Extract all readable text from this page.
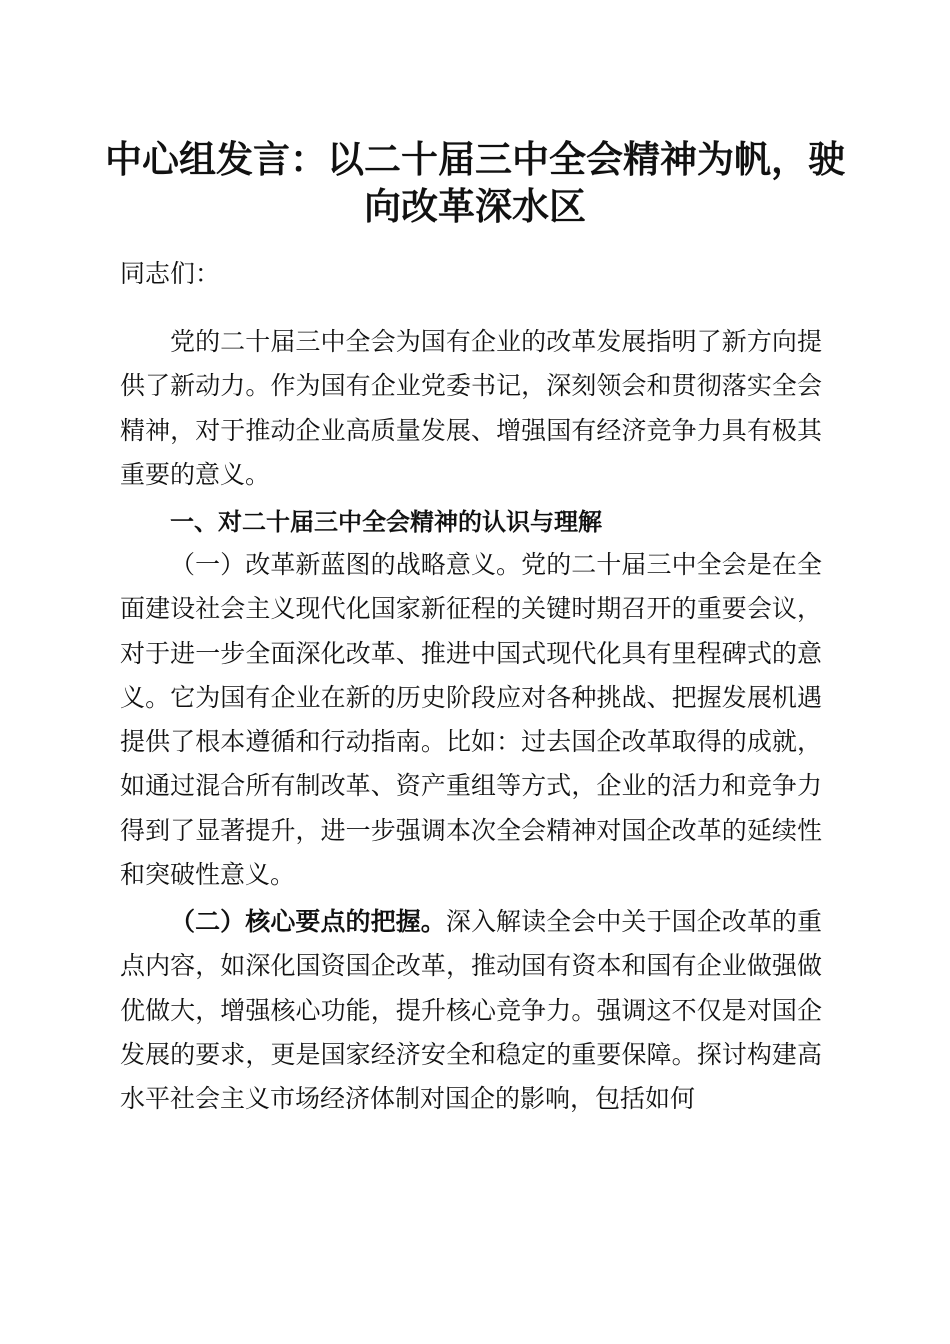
中心组发言：以二十届三中全会精神为帆，驶
向改革深水区

同志们：

党的二十届三中全会为国有企业的改革发展指明了新方向提供了新动力。作为国有企业党委书记，深刻领会和贯彻落实全会精神，对于推动企业高质量发展、增强国有经济竞争力具有极其重要的意义。

一、对二十届三中全会精神的认识与理解

（一）改革新蓝图的战略意义。党的二十届三中全会是在全面建设社会主义现代化国家新征程的关键时期召开的重要会议，对于进一步全面深化改革、推进中国式现代化具有里程碑式的意义。它为国有企业在新的历史阶段应对各种挑战、把握发展机遇提供了根本遵循和行动指南。比如：过去国企改革取得的成就，如通过混合所有制改革、资产重组等方式，企业的活力和竞争力得到了显著提升，进一步强调本次全会精神对国企改革的延续性和突破性意义。

（二）核心要点的把握。深入解读全会中关于国企改革的重点内容，如深化国资国企改革，推动国有资本和国有企业做强做优做大，增强核心功能，提升核心竞争力。强调这不仅是对国企发展的要求，更是国家经济安全和稳定的重要保障。探讨构建高水平社会主义市场经济体制对国企的影响，包括如何
